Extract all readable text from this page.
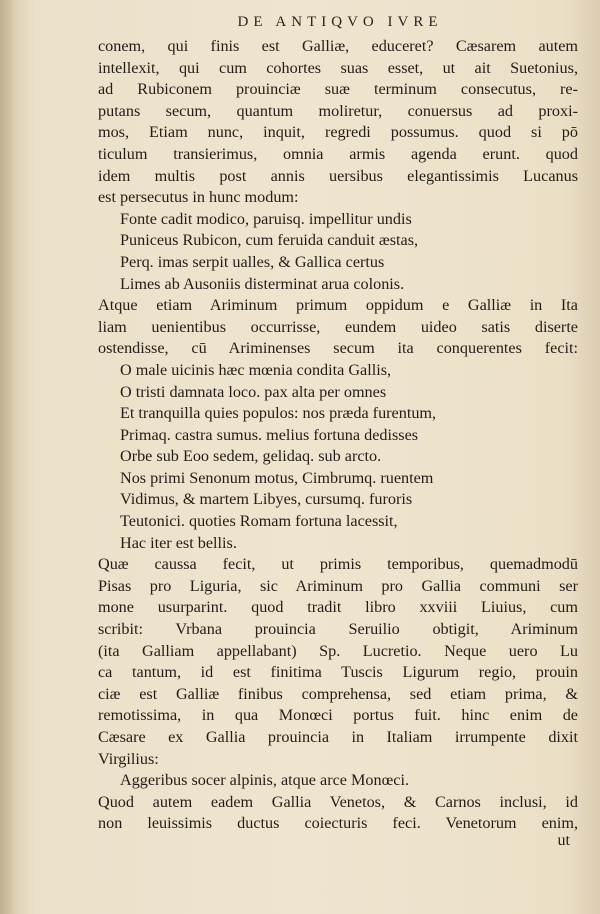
DE ANTIQVO IVRE
conem, qui finis est Galliæ, educeret? Cæsarem autem
intellexit, qui cum cohortes suas esset, ut ait Suetonius,
ad Rubiconem prouinciæ suæ terminum consecutus, re-
putans secum, quantum moliretur, conuersus ad proxi-
mos, Etiam nunc, inquit, regredi possumus. quod si pō
ticulum transierimus, omnia armis agenda erunt. quod
idem multis post annis uersibus elegantissimis Lucanus
est persecutus in hunc modum:
Fonte cadit modico, paruisq. impellitur undis
Puniceus Rubicon, cum feruida canduit æstas,
Perq. imas serpit ualles, & Gallica certus
Limes ab Ausoniis disterminat arua colonis.
Atque etiam Ariminum primum oppidum e Galliæ in Ita
liam uenientibus occurrisse, eundem uideo satis diserte
ostendisse, cū Ariminenses secum ita conquerentes fecit:
O male uicinis hæc mœnia condita Gallis,
O tristi damnata loco. pax alta per omnes
Et tranquilla quies populos: nos præda furentum,
Primaq. castra sumus. melius fortuna dedisses
Orbe sub Eoo sedem, gelidaq. sub arcto.
Nos primi Senonum motus, Cimbrumq. ruentem
Vidimus, & martem Libyes, cursumq. furoris
Teutonici. quoties Romam fortuna lacessit,
Hac iter est bellis.
Quæ caussa fecit, ut primis temporibus, quemadmodū
Pisas pro Liguria, sic Ariminum pro Gallia communi ser
mone usurparint. quod tradit libro xxviii Liuius, cum
scribit: Vrbana prouincia Seruilio obtigit, Ariminum
(ita Galliam appellabant) Sp. Lucretio. Neque uero Lu
ca tantum, id est finitima Tuscis Ligurum regio, prouin
ciæ est Galliæ finibus comprehensa, sed etiam prima, &
remotissima, in qua Monœci portus fuit. hinc enim de
Cæsare ex Gallia prouincia in Italiam irrumpente dixit
Virgilius:
Aggeribus socer alpinis, atque arce Monœci.
Quod autem eadem Gallia Venetos, & Carnos inclusi, id
non leuissimis ductus coiecturis feci. Venetorum enim,
ut
